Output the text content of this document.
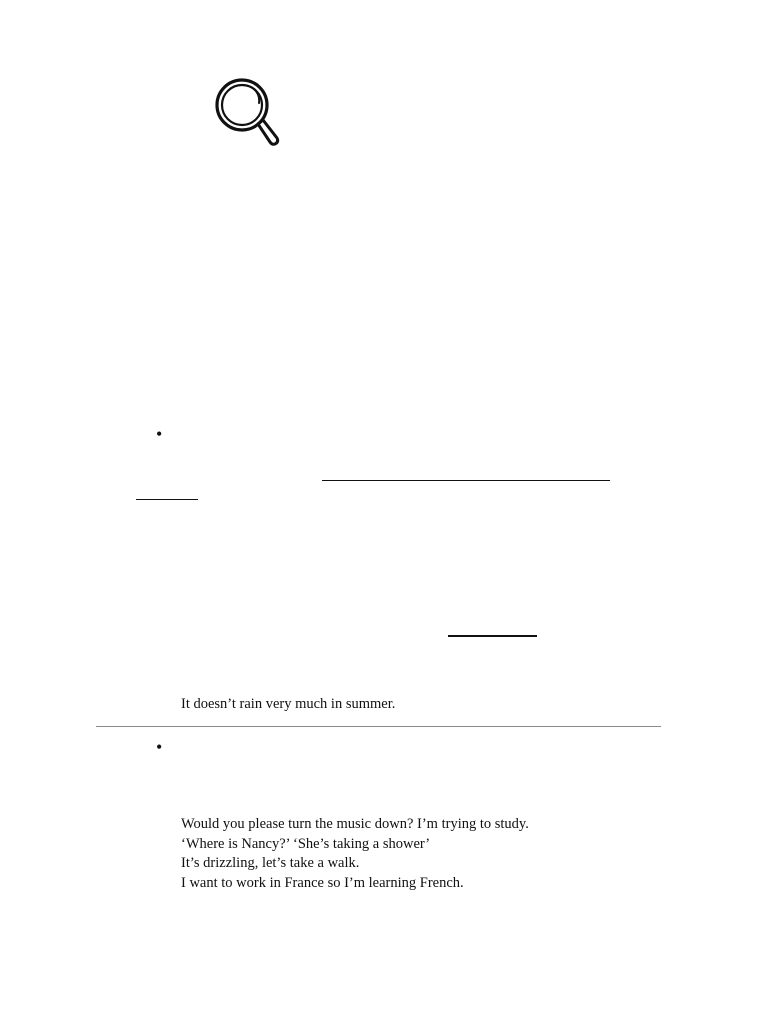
•
It doesn’t rain very much in summer.
•
Would you please turn the music down? I’m trying to study.
‘Where is Nancy?’ ‘She’s taking a shower’
It’s drizzling, let’s take a walk.
I want to work in France so I’m learning French.
